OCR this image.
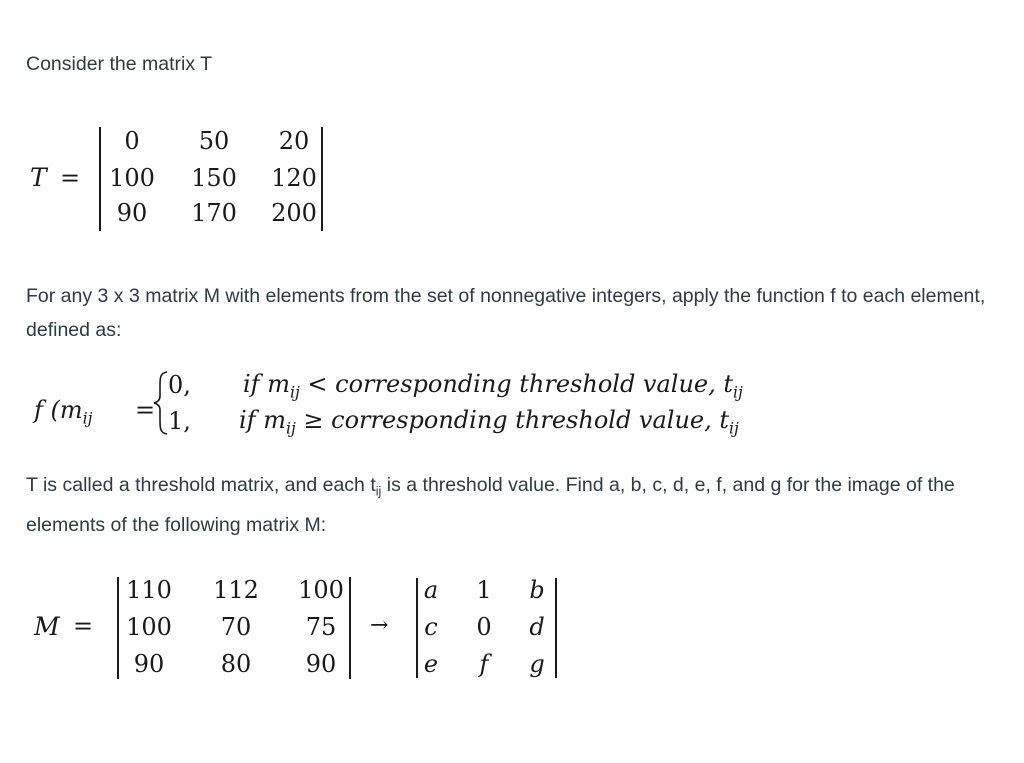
Consider the matrix T
T =
0	50	20
100 150 120
90	170 200
For any 3 x 3 matrix M with elements from the set of nonnegative integers, apply the function f to each element, defined as:
f ($m_{ij}$ =
0,
1,
if $m_{ij}$ < corresponding threshold value, $t_{ij}$
if $m_{ij}$ ≥ corresponding threshold value, $t_{ij}$
T is called a threshold matrix, and each $t_{ij}$ is a threshold value. Find a, b, c, d, e, f, and g for the image of the elements of the following matrix M:
M =
110	112	100
100	70	75
90	80	90
→
a 1 b
c 0 d
e f g
